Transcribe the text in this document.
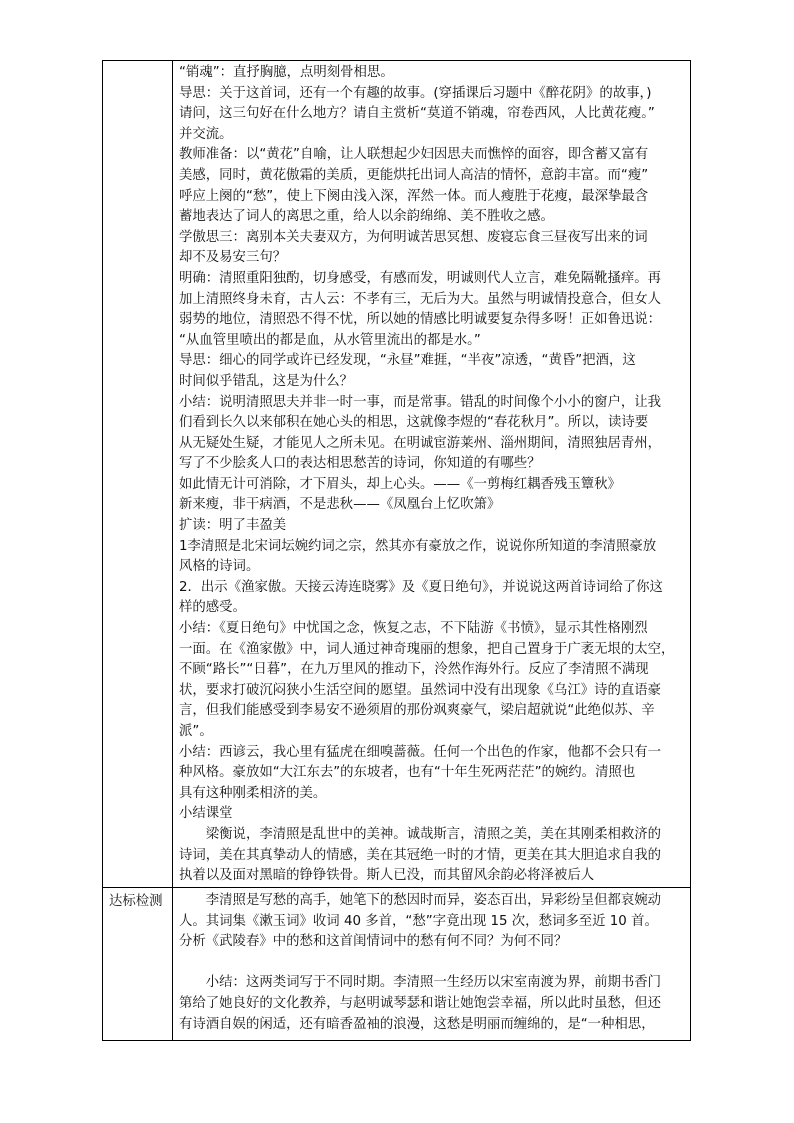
“销魂”：直抒胸臆，点明刻骨相思。
导思：关于这首词，还有一个有趣的故事。(穿插课后习题中《醉花阴》的故事，)
请问，这三句好在什么地方？请自主赏析“莫道不销魂，帘卷西风，人比黄花瘦。”
并交流。
教师准备：以“黄花”自喻，让人联想起少妇因思夫而憔悴的面容，即含蓄又富有
美感，同时，黄花傲霜的美质，更能烘托出词人高洁的情怀，意韵丰富。而“瘦”
呼应上阕的“愁”，使上下阕由浅入深，浑然一体。而人瘦胜于花瘦，最深挚最含
蓄地表达了词人的离思之重，给人以余韵绵绵、美不胜收之感。
学傲思三：离别本关夫妻双方，为何明诚苦思冥想、废寝忘食三昼夜写出来的词
却不及易安三句？
明确：清照重阳独酌，切身感受，有感而发，明诚则代人立言，难免隔靴搔痒。再
加上清照终身未育，古人云：不孝有三，无后为大。虽然与明诚情投意合，但女人
弱势的地位，清照恐不得不忧，所以她的情感比明诚要复杂得多呀！正如鲁迅说：
“从血管里喷出的都是血，从水管里流出的都是水。”
导思：细心的同学或许已经发现，“永昼”难捱，“半夜”凉透，“黄昏”把酒，这
时间似乎错乱，这是为什么？
小结：说明清照思夫并非一时一事，而是常事。错乱的时间像个小小的窗户，让我
们看到长久以来郁积在她心头的相思，这就像李煜的“春花秋月”。所以，读诗要
从无疑处生疑，才能见人之所未见。在明诚宦游莱州、淄州期间，清照独居青州，
写了不少脍炙人口的表达相思愁苦的诗词，你知道的有哪些？
如此情无计可消除，才下眉头，却上心头。——《一剪梅红耦香残玉簟秋》
新来瘦，非干病酒，不是悲秋——《凤凰台上忆吹箫》
扩读：明了丰盈美
1李清照是北宋词坛婉约词之宗，然其亦有豪放之作，说说你所知道的李清照豪放
风格的诗词。
2．出示《渔家傲。天接云涛连晓雾》及《夏日绝句》，并说说这两首诗词给了你这
样的感受。
小结：《夏日绝句》中忧国之念，恢复之志，不下陆游《书愤》，显示其性格刚烈
一面。在《渔家傲》中，词人通过神奇瑰丽的想象，把自己置身于广袤无垠的太空，
不顾“路长”“日暮”，在九万里风的推动下，泠然作海外行。反应了李清照不满现
状，要求打破沉闷狭小生活空间的愿望。虽然词中没有出现象《乌江》诗的直语豪
言，但我们能感受到李易安不逊须眉的那份飒爽豪气，梁启超就说“此绝似苏、辛
派”。
小结：西谚云，我心里有猛虎在细嗅蔷薇。任何一个出色的作家，他都不会只有一
种风格。豪放如“大江东去”的东坡者，也有“十年生死两茫茫”的婉约。清照也
具有这种刚柔相济的美。
小结课堂
　　梁衡说，李清照是乱世中的美神。诚哉斯言，清照之美，美在其刚柔相救济的
诗词，美在其真挚动人的情感，美在其冠绝一时的才情，更美在其大胆追求自我的
执着以及面对黑暗的铮铮铁骨。斯人已没，而其留风余韵必将泽被后人
达标检测 　　李清照是写愁的高手，她笔下的愁因时而异，姿态百出，异彩纷呈但都哀婉动
人。其词集《漱玉词》收词 40 多首，“愁”字竟出现 15 次，愁词多至近 10 首。
分析《武陵春》中的愁和这首闺情词中的愁有何不同？为何不同？
　　小结：这两类词写于不同时期。李清照一生经历以宋室南渡为界，前期书香门
第给了她良好的文化教养，与赵明诚琴瑟和谐让她饱尝幸福，所以此时虽愁，但还
有诗酒自娱的闲适，还有暗香盈袖的浪漫，这愁是明丽而缠绵的，是“一种相思，
